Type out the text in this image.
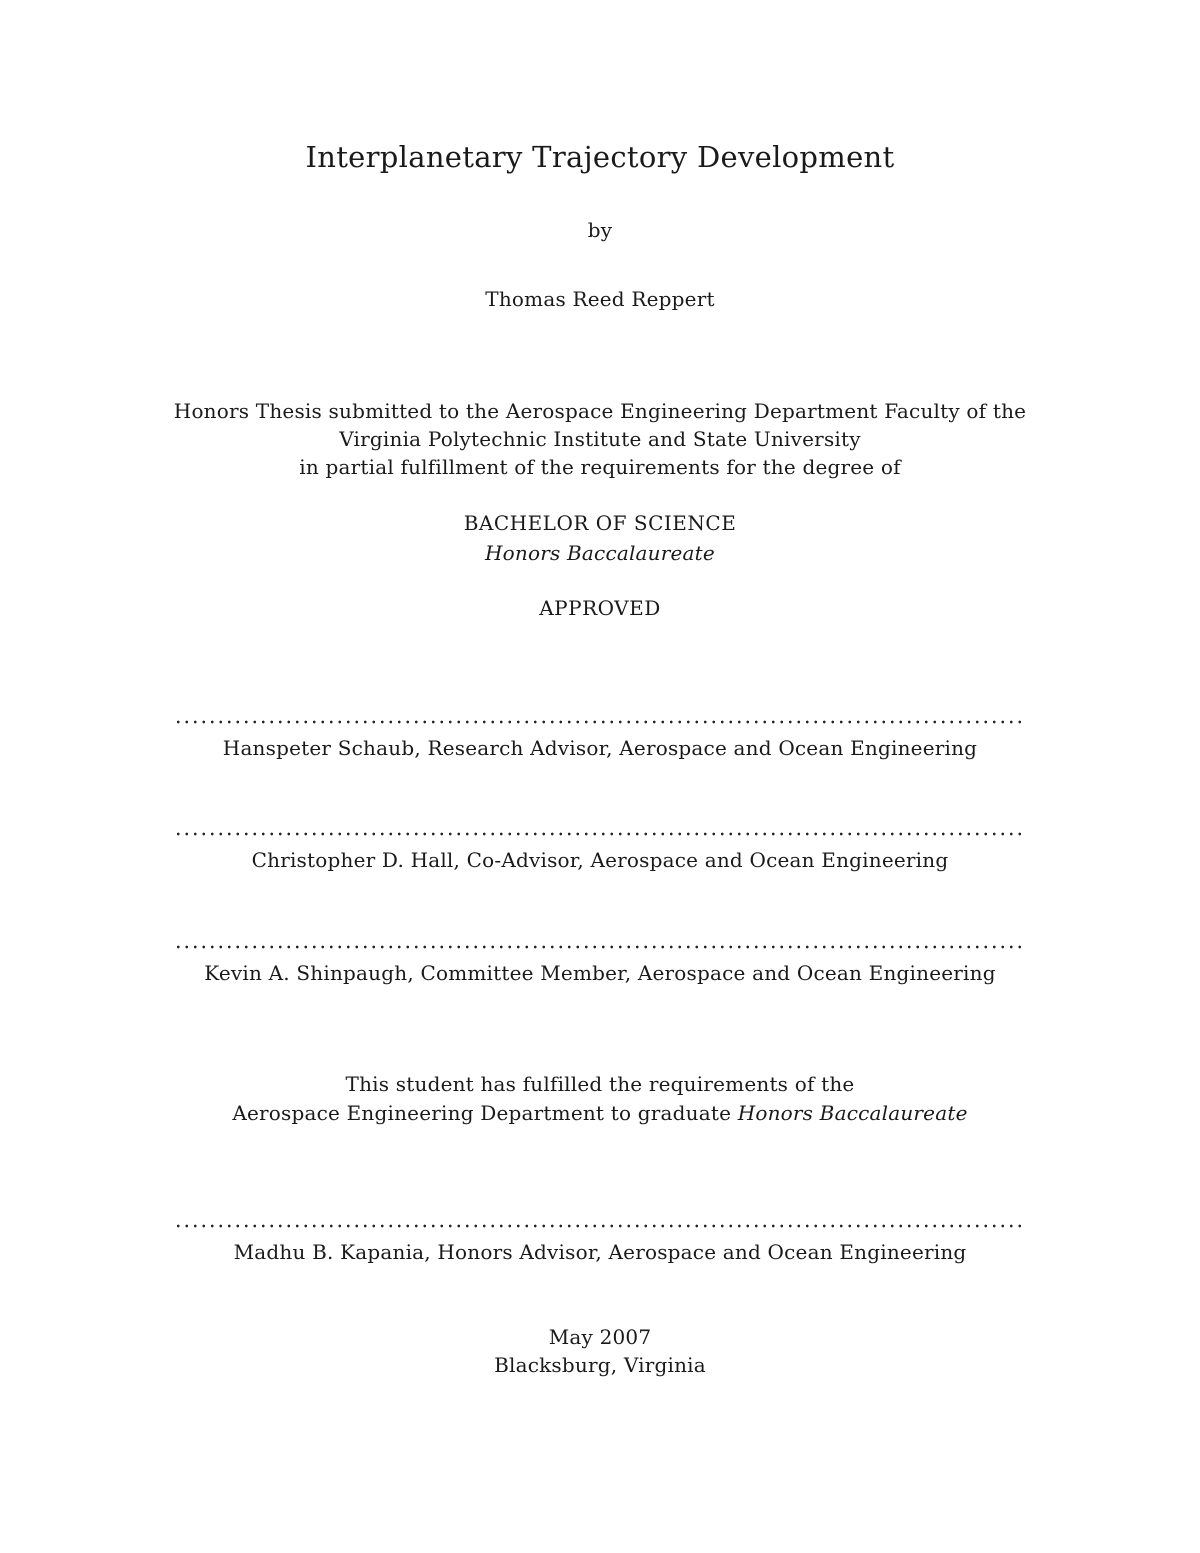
Interplanetary Trajectory Development
by
Thomas Reed Reppert
Honors Thesis submitted to the Aerospace Engineering Department Faculty of the
Virginia Polytechnic Institute and State University
in partial fulfillment of the requirements for the degree of
BACHELOR OF SCIENCE
Honors Baccalaureate
APPROVED
Hanspeter Schaub, Research Advisor, Aerospace and Ocean Engineering
Christopher D. Hall, Co-Advisor, Aerospace and Ocean Engineering
Kevin A. Shinpaugh, Committee Member, Aerospace and Ocean Engineering
This student has fulfilled the requirements of the
Aerospace Engineering Department to graduate Honors Baccalaureate
Madhu B. Kapania, Honors Advisor, Aerospace and Ocean Engineering
May 2007
Blacksburg, Virginia
